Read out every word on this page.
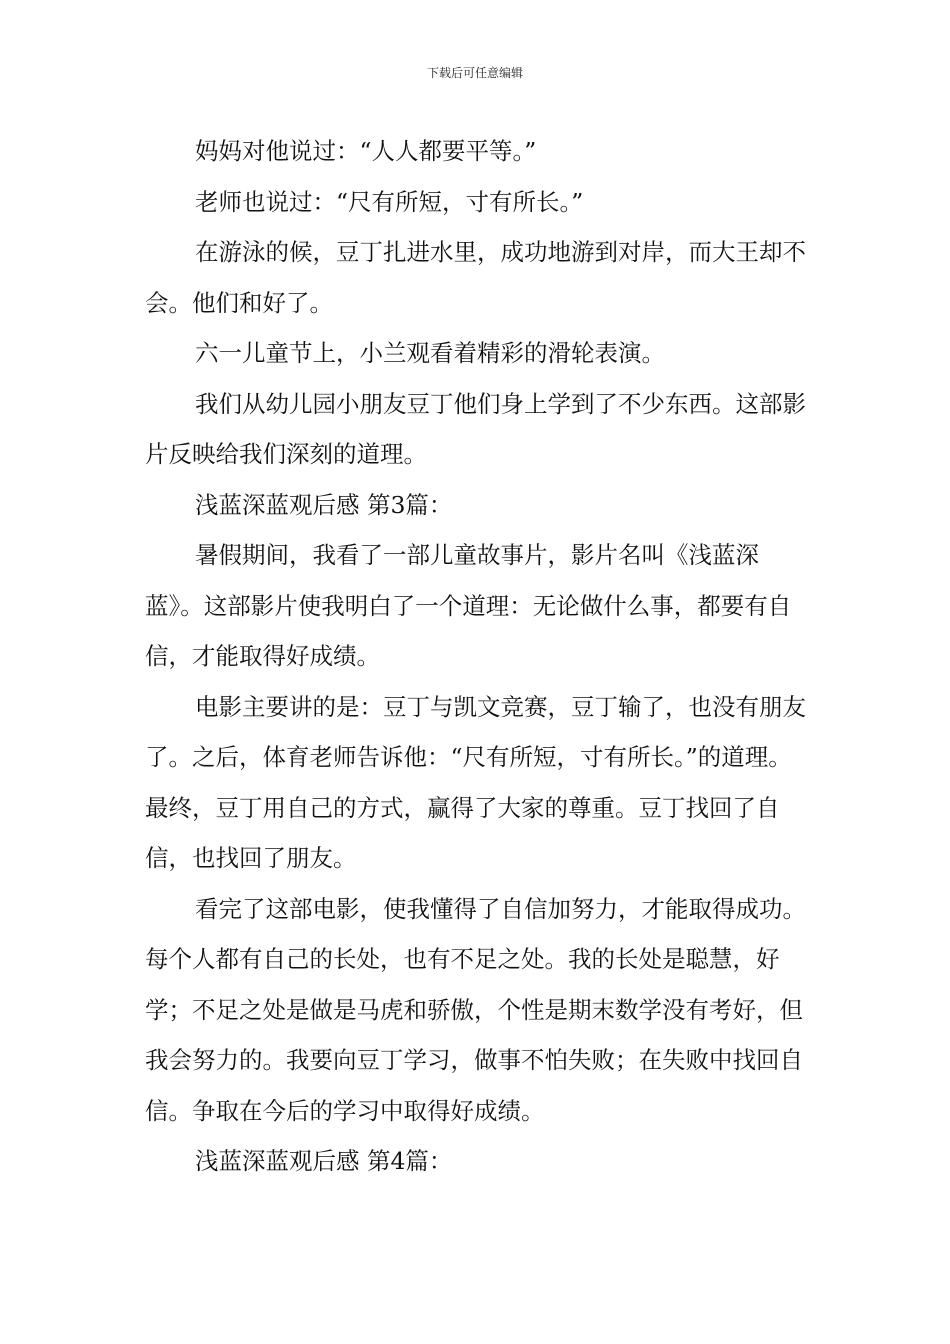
下载后可任意编辑

妈妈对他说过：“人人都要平等。”

老师也说过：“尺有所短，寸有所长。”

在游泳的候，豆丁扎进水里，成功地游到对岸，而大王却不会。他们和好了。

六一儿童节上，小兰观看着精彩的滑轮表演。

我们从幼儿园小朋友豆丁他们身上学到了不少东西。这部影片反映给我们深刻的道理。

浅蓝深蓝观后感 第3篇：

暑假期间，我看了一部儿童故事片，影片名叫《浅蓝深蓝》。这部影片使我明白了一个道理：无论做什么事，都要有自信，才能取得好成绩。

电影主要讲的是：豆丁与凯文竞赛，豆丁输了，也没有朋友了。之后，体育老师告诉他：“尺有所短，寸有所长。”的道理。最终，豆丁用自己的方式，赢得了大家的尊重。豆丁找回了自信，也找回了朋友。

看完了这部电影，使我懂得了自信加努力，才能取得成功。每个人都有自己的长处，也有不足之处。我的长处是聪慧，好学；不足之处是做是马虎和骄傲，个性是期末数学没有考好，但我会努力的。我要向豆丁学习，做事不怕失败；在失败中找回自信。争取在今后的学习中取得好成绩。

浅蓝深蓝观后感 第4篇：
